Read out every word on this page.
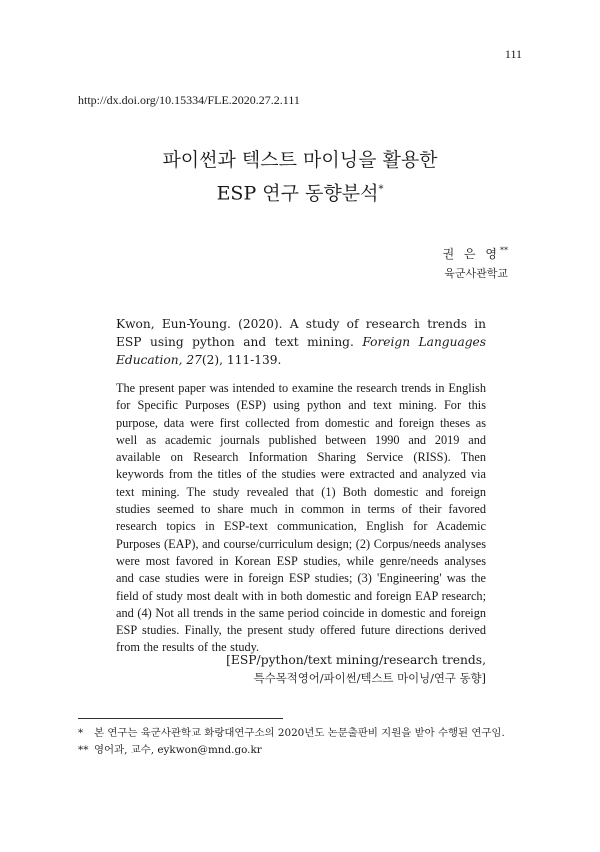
111
http://dx.doi.org/10.15334/FLE.2020.27.2.111
파이썬과 텍스트 마이닝을 활용한
ESP 연구 동향분석*
권 은 영**
육군사관학교
Kwon, Eun-Young. (2020). A study of research trends in ESP using python and text mining. Foreign Languages Education, 27(2), 111-139.
The present paper was intended to examine the research trends in English for Specific Purposes (ESP) using python and text mining. For this purpose, data were first collected from domestic and foreign theses as well as academic journals published between 1990 and 2019 and available on Research Information Sharing Service (RISS). Then keywords from the titles of the studies were extracted and analyzed via text mining. The study revealed that (1) Both domestic and foreign studies seemed to share much in common in terms of their favored research topics in ESP-text communication, English for Academic Purposes (EAP), and course/curriculum design; (2) Corpus/needs analyses were most favored in Korean ESP studies, while genre/needs analyses and case studies were in foreign ESP studies; (3) 'Engineering' was the field of study most dealt with in both domestic and foreign EAP research; and (4) Not all trends in the same period coincide in domestic and foreign ESP studies. Finally, the present study offered future directions derived from the results of the study.
[ESP/python/text mining/research trends,
특수목적영어/파이썬/텍스트 마이닝/연구 동향]
* 본 연구는 육군사관학교 화랑대연구소의 2020년도 논문출판비 지원을 받아 수행된 연구임.
** 영어과, 교수, eykwon@mnd.go.kr
